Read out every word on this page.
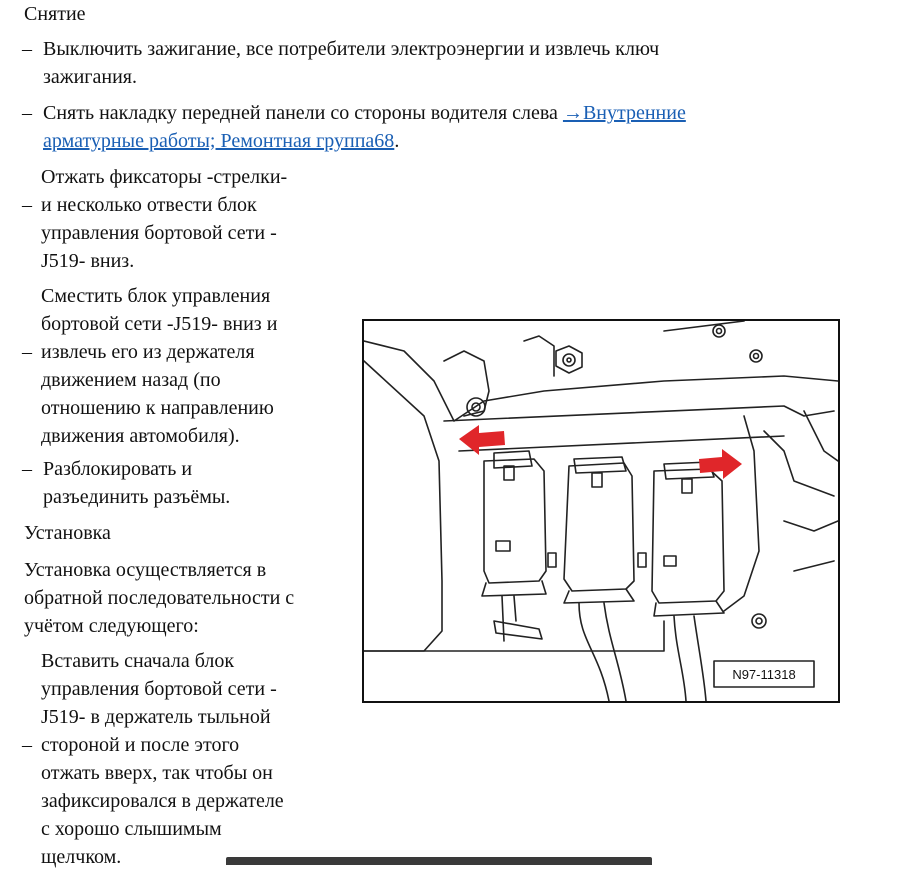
Снятие
– Выключить зажигание, все потребители электроэнергии и извлечь ключ

зажигания.

– Снять накладку передней панели со стороны водителя слева →Внутренние

арматурные работы; Ремонтная группа68.

Отжать фиксаторы -стрелки-

и несколько отвести блок

управления бортовой сети -

J519- вниз.

–

Сместить блок управления

бортовой сети -J519- вниз и

извлечь его из держателя

движением назад (по

отношению к направлению

движения автомобиля).

–
– Разблокировать и

разъединить разъёмы.

Установка
Установка осуществляется в
обратной последовательности с
учётом следующего:

Вставить сначала блок

управления бортовой сети -

J519- в держатель тыльной

стороной и после этого

отжать вверх, так чтобы он

зафиксировался в держателе

с хорошо слышимым

щелчком.

–
N97-11318
